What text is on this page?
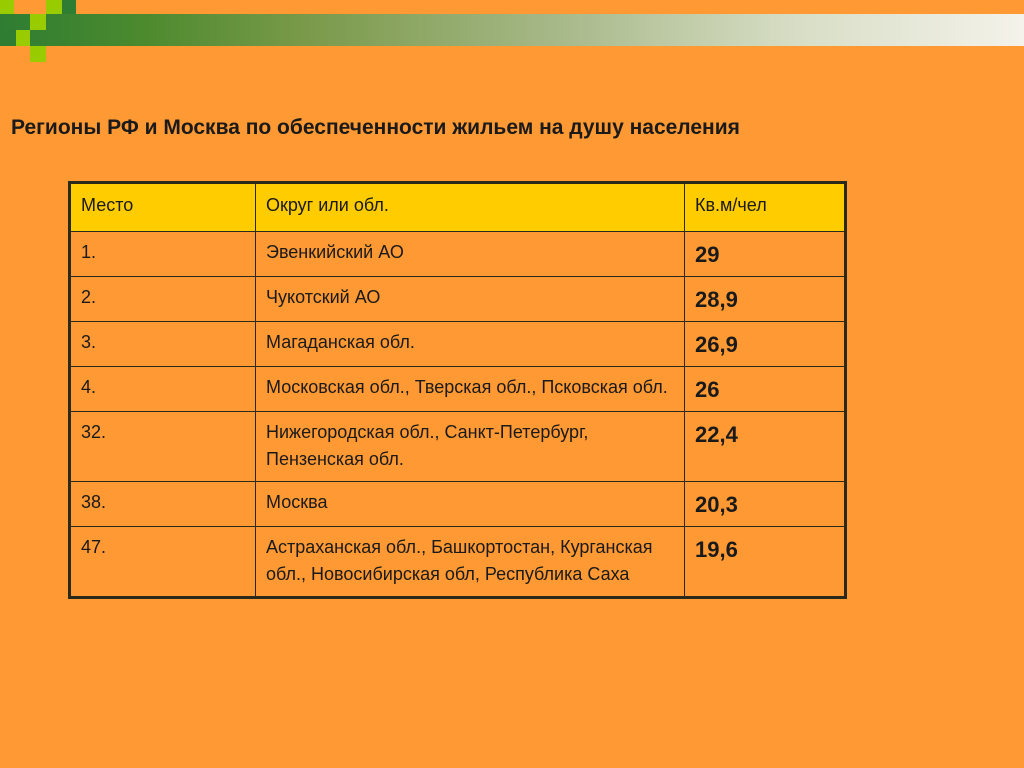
Регионы РФ и Москва по обеспеченности жильем на душу населения
Место	Округ или обл.	Кв.м/чел
1.	Эвенкийский АО	29
2.	Чукотский АО	28,9
3.	Магаданская обл.	26,9
4.	Московская обл., Тверская обл., Псковская обл.	26
32.	Нижегородская обл., Санкт-Петербург, Пензенская обл.	22,4
38.	Москва	20,3
47.	Астраханская обл., Башкортостан, Курганская обл., Новосибирская обл, Республика Саха	19,6
